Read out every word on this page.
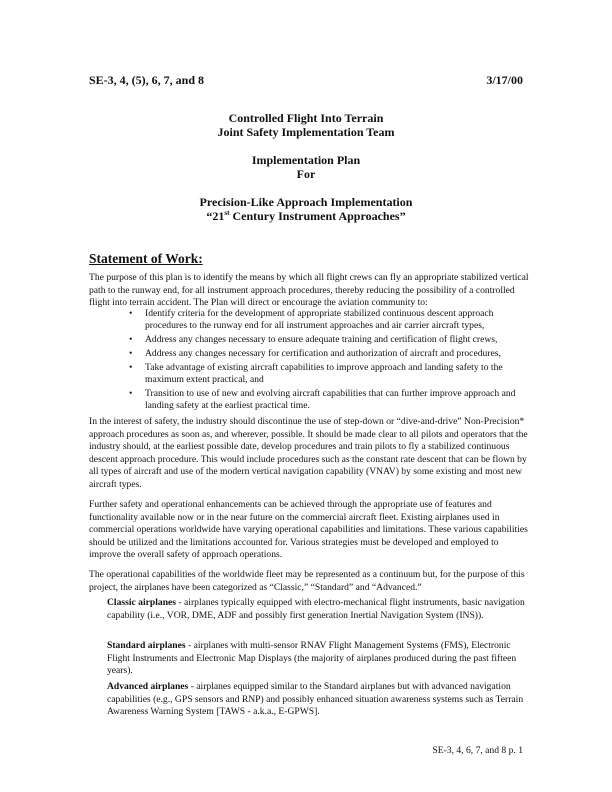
SE-3, 4, (5), 6, 7, and 8	3/17/00
Controlled Flight Into Terrain
Joint Safety Implementation Team
Implementation Plan
For
Precision-Like Approach Implementation
“21st Century Instrument Approaches”
Statement of Work:

The purpose of this plan is to identify the means by which all flight crews can fly an appropriate stabilized vertical path to the runway end, for all instrument approach procedures, thereby reducing the possibility of a controlled flight into terrain accident. The Plan will direct or encourage the aviation community to:

• Identify criteria for the development of appropriate stabilized continuous descent approach procedures to the runway end for all instrument approaches and air carrier aircraft types,
• Address any changes necessary to ensure adequate training and certification of flight crews,
• Address any changes necessary for certification and authorization of aircraft and procedures,
• Take advantage of existing aircraft capabilities to improve approach and landing safety to the maximum extent practical, and
• Transition to use of new and evolving aircraft capabilities that can further improve approach and landing safety at the earliest practical time.

In the interest of safety, the industry should discontinue the use of step-down or “dive-and-drive” Non-Precision* approach procedures as soon as, and wherever, possible. It should be made clear to all pilots and operators that the industry should, at the earliest possible date, develop procedures and train pilots to fly a stabilized continuous descent approach procedure. This would include procedures such as the constant rate descent that can be flown by all types of aircraft and use of the modern vertical navigation capability (VNAV) by some existing and most new aircraft types.

Further safety and operational enhancements can be achieved through the appropriate use of features and functionality available now or in the near future on the commercial aircraft fleet. Existing airplanes used in commercial operations worldwide have varying operational capabilities and limitations. These various capabilities should be utilized and the limitations accounted for. Various strategies must be developed and employed to improve the overall safety of approach operations.

The operational capabilities of the worldwide fleet may be represented as a continuum but, for the purpose of this project, the airplanes have been categorized as “Classic,” “Standard” and “Advanced.”

Classic airplanes - airplanes typically equipped with electro-mechanical flight instruments, basic navigation capability (i.e., VOR, DME, ADF and possibly first generation Inertial Navigation System (INS)).

Standard airplanes - airplanes with multi-sensor RNAV Flight Management Systems (FMS), Electronic Flight Instruments and Electronic Map Displays (the majority of airplanes produced during the past fifteen years).

Advanced airplanes - airplanes equipped similar to the Standard airplanes but with advanced navigation capabilities (e.g., GPS sensors and RNP) and possibly enhanced situation awareness systems such as Terrain Awareness Warning System [TAWS - a.k.a., E-GPWS].

SE-3, 4, 6, 7, and 8 p. 1
